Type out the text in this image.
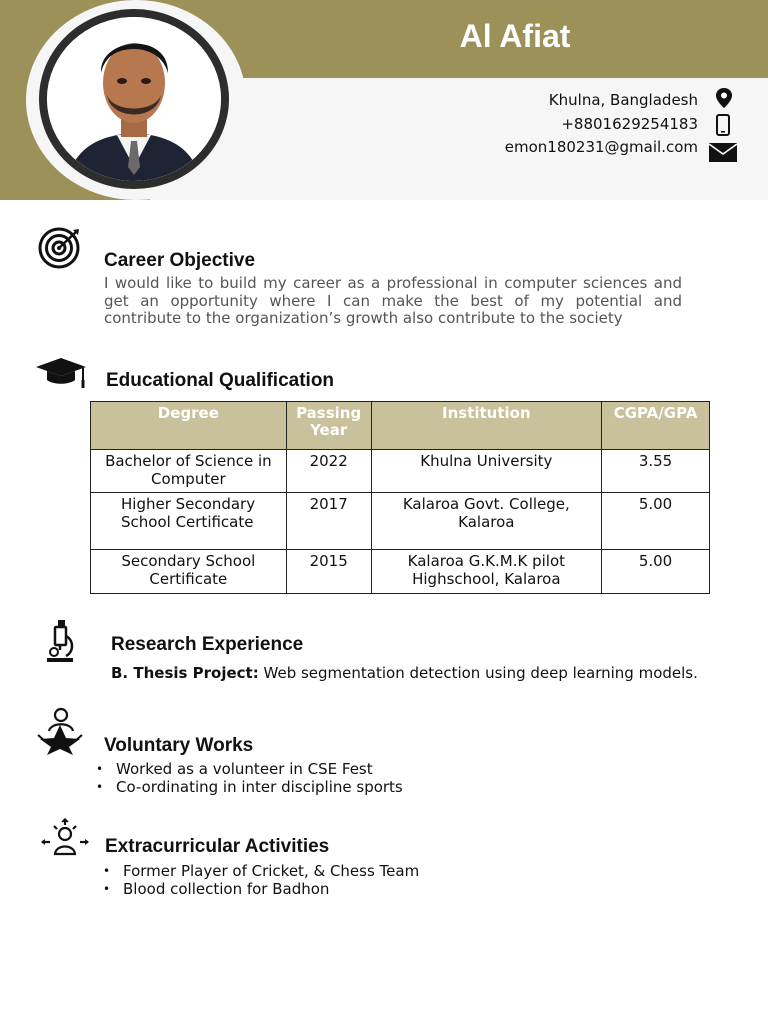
Al Afiat
Khulna, Bangladesh
+8801629254183
emon180231@gmail.com
Career Objective
I would like to build my career as a professional in computer sciences and get an opportunity where I can make the best of my potential and contribute to the organization’s growth also contribute to the society
Educational Qualification
Degree	Passing Year	Institution	CGPA/GPA
Bachelor of Science in Computer	2022	Khulna University	3.55
Higher Secondary School Certificate	2017	Kalaroa Govt. College, Kalaroa	5.00
Secondary School Certificate	2015	Kalaroa G.K.M.K pilot Highschool, Kalaroa	5.00
Research Experience
B. Thesis Project: Web segmentation detection using deep learning models.
Voluntary Works
• Worked as a volunteer in CSE Fest
• Co-ordinating in inter discipline sports
Extracurricular Activities
• Former Player of Cricket, & Chess Team
• Blood collection for Badhon
